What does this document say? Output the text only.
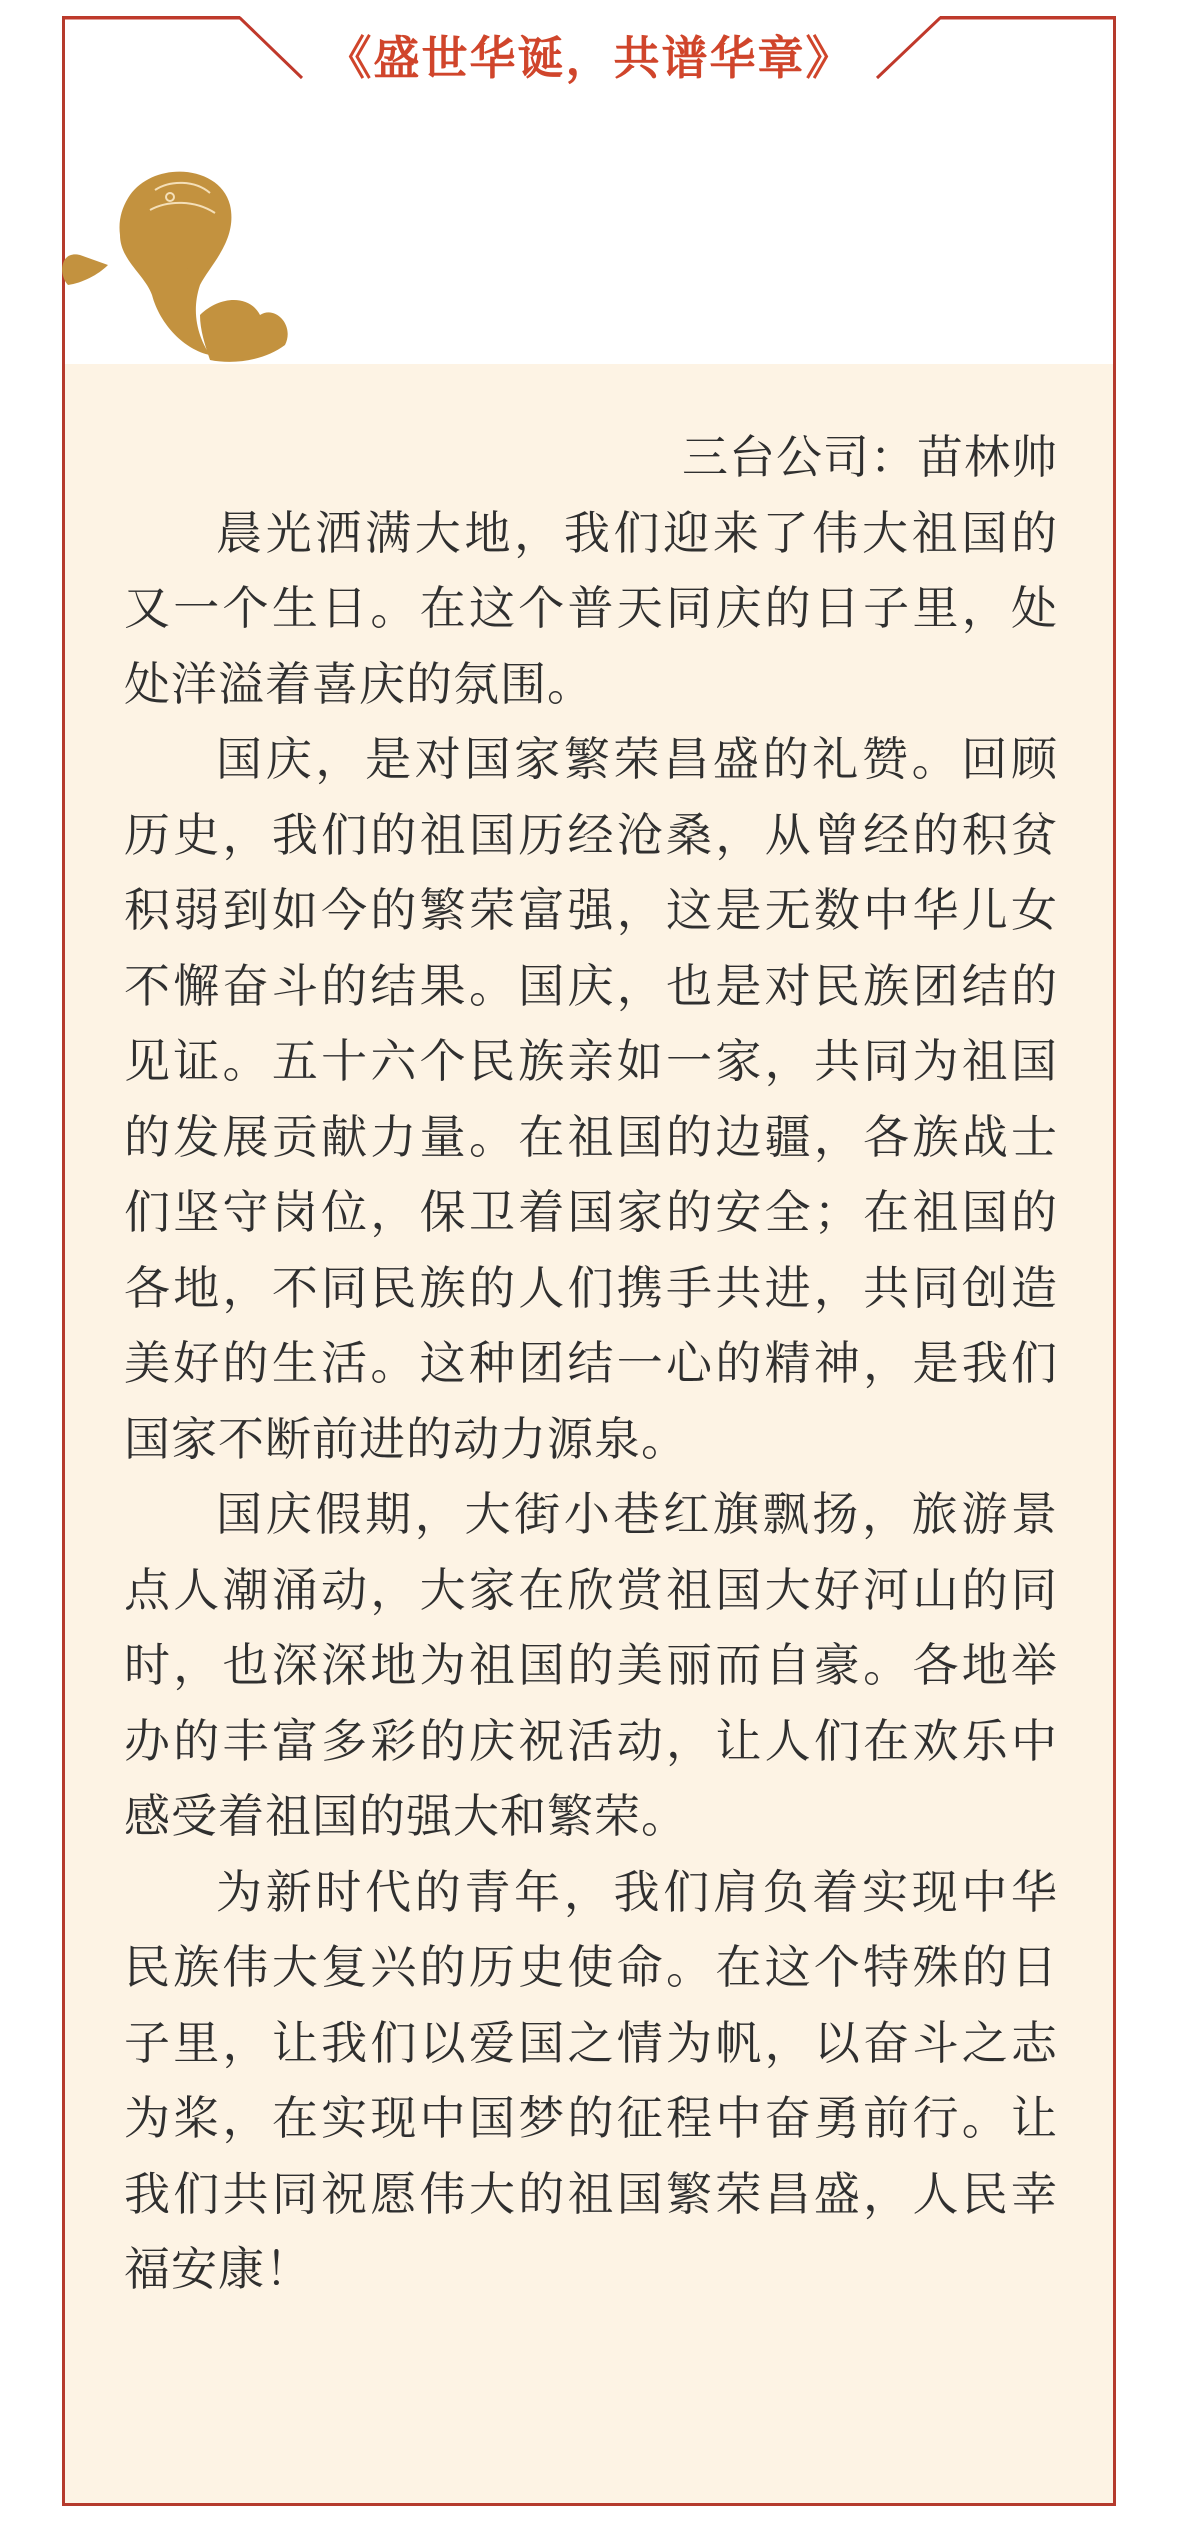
《盛世华诞，共谱华章》

三台公司：苗林帅

晨光洒满大地，我们迎来了伟大祖国的又一个生日。在这个普天同庆的日子里，处处洋溢着喜庆的氛围。

国庆，是对国家繁荣昌盛的礼赞。回顾历史，我们的祖国历经沧桑，从曾经的积贫积弱到如今的繁荣富强，这是无数中华儿女不懈奋斗的结果。国庆，也是对民族团结的见证。五十六个民族亲如一家，共同为祖国的发展贡献力量。在祖国的边疆，各族战士们坚守岗位，保卫着国家的安全；在祖国的各地，不同民族的人们携手共进，共同创造美好的生活。这种团结一心的精神，是我们国家不断前进的动力源泉。

国庆假期，大街小巷红旗飘扬，旅游景点人潮涌动，大家在欣赏祖国大好河山的同时，也深深地为祖国的美丽而自豪。各地举办的丰富多彩的庆祝活动，让人们在欢乐中感受着祖国的强大和繁荣。

为新时代的青年，我们肩负着实现中华民族伟大复兴的历史使命。在这个特殊的日子里，让我们以爱国之情为帆，以奋斗之志为桨，在实现中国梦的征程中奋勇前行。让我们共同祝愿伟大的祖国繁荣昌盛，人民幸福安康！
